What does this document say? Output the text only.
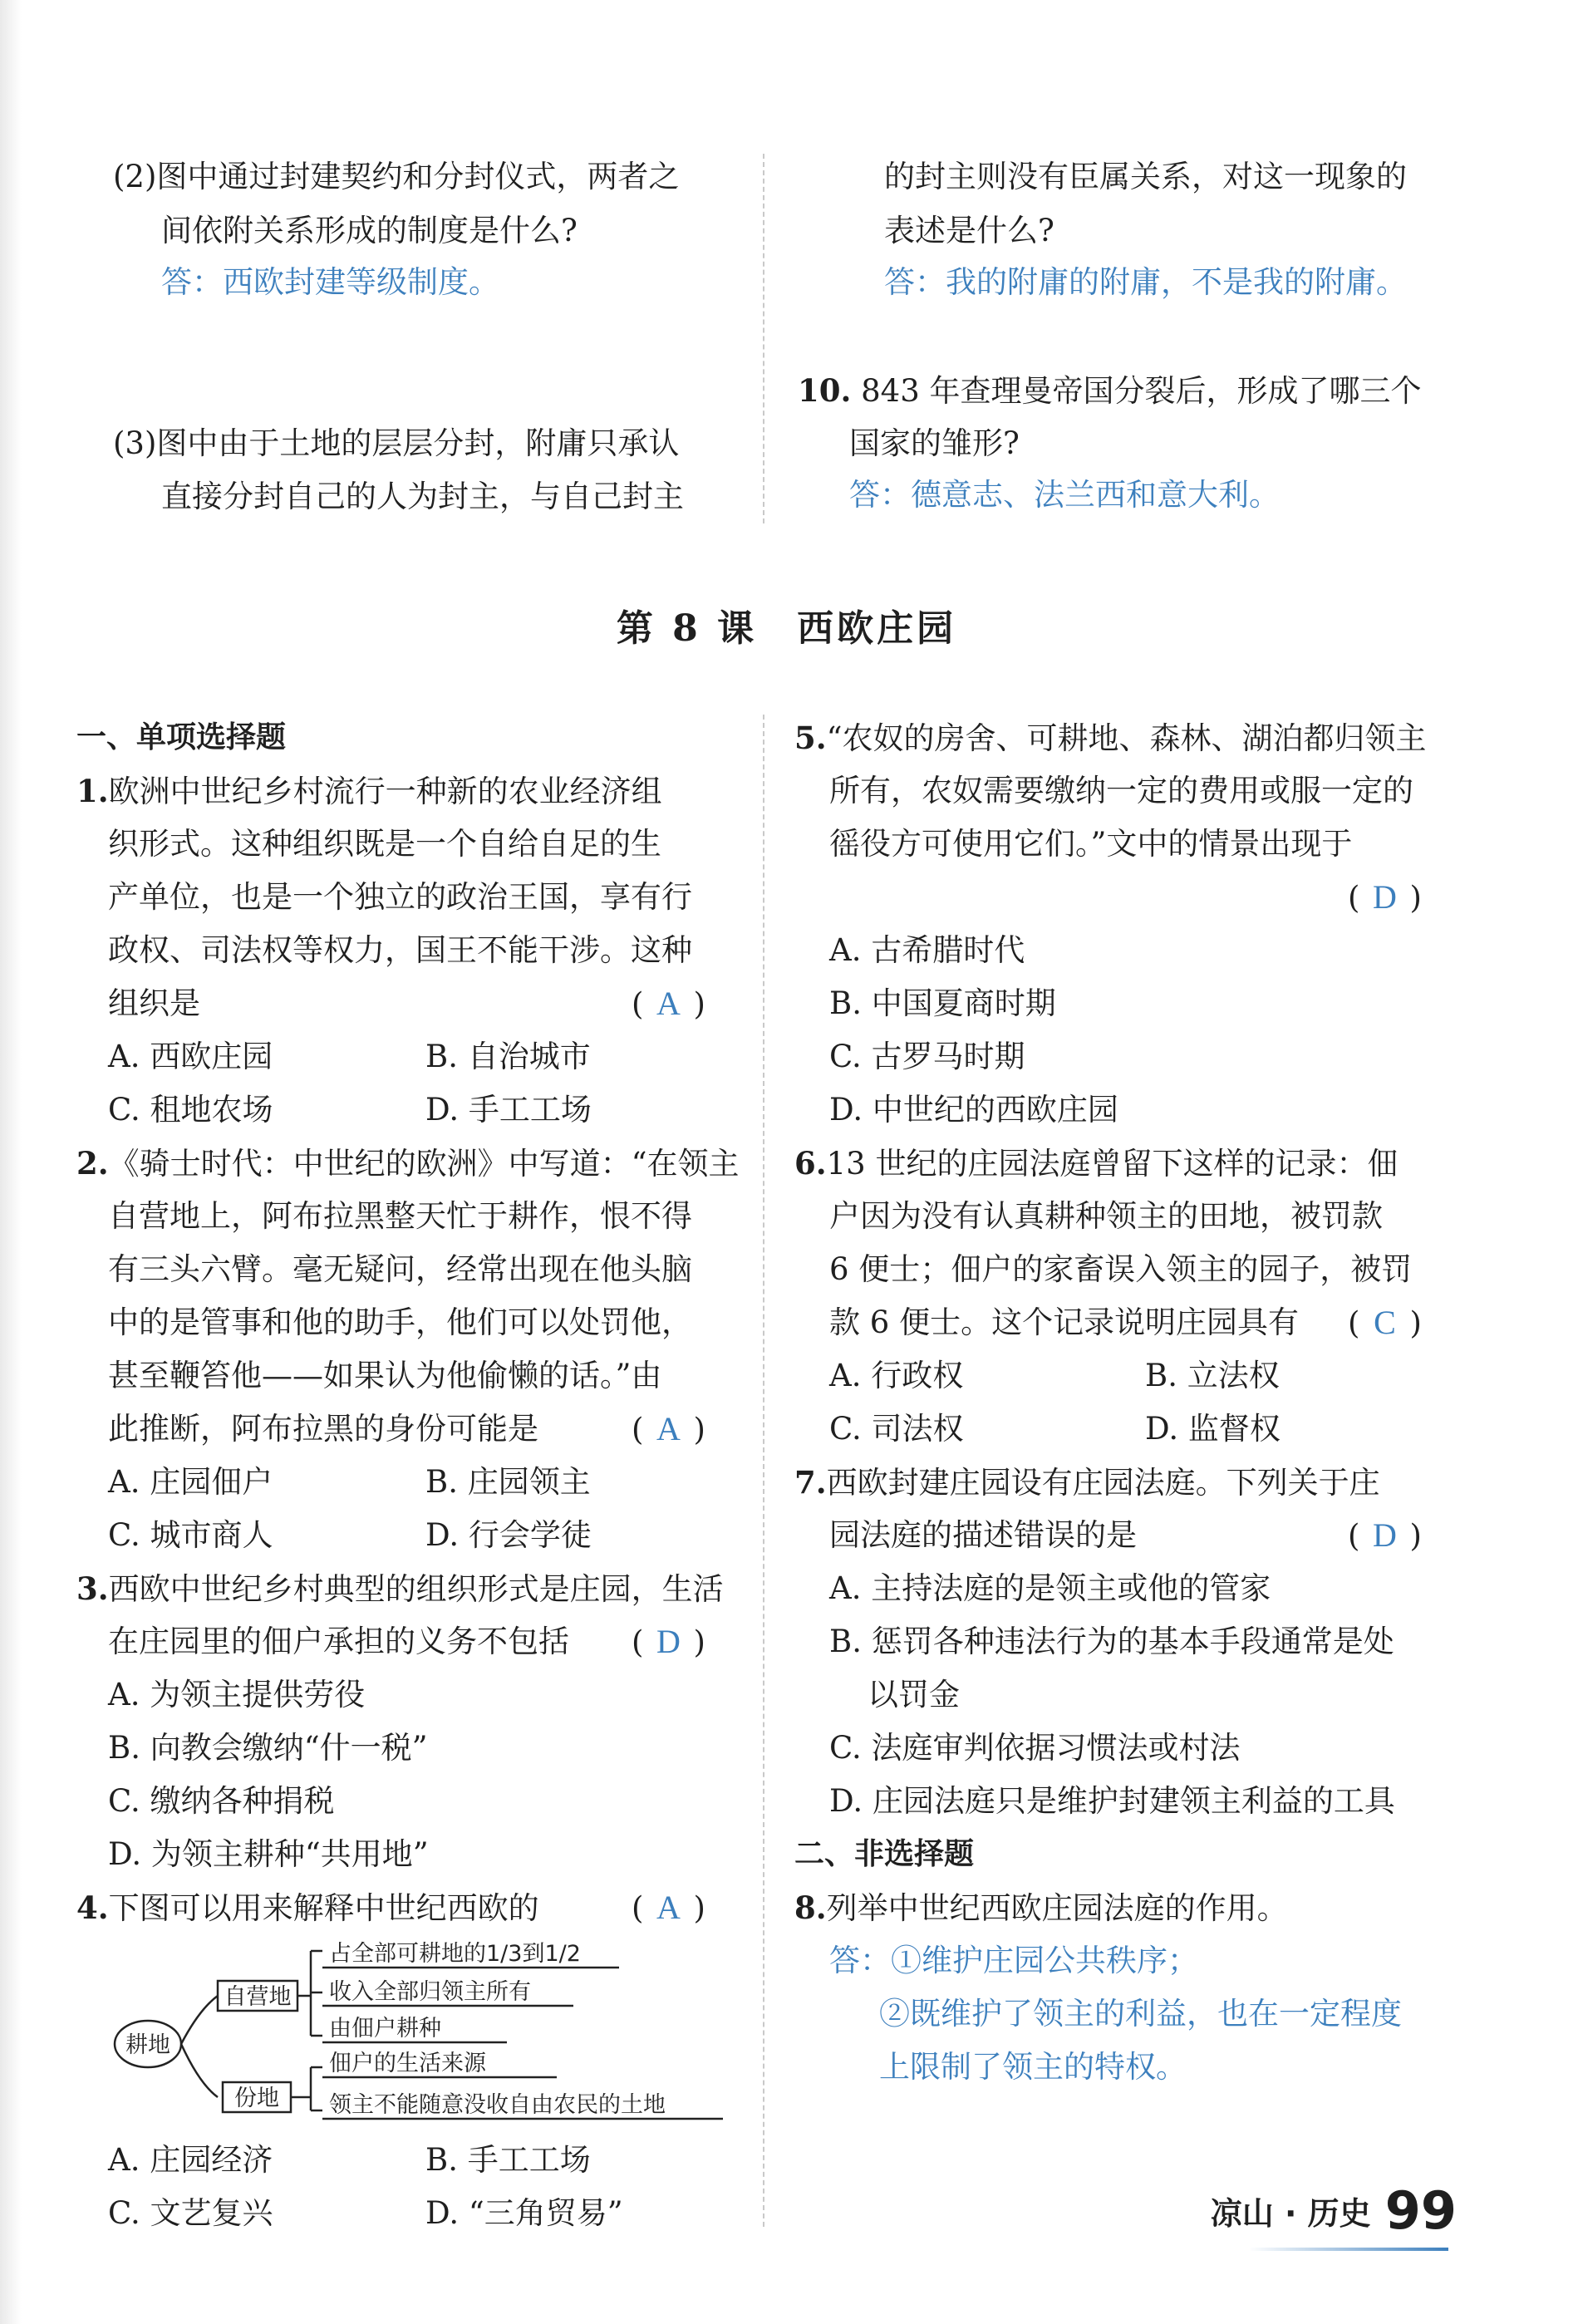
(2)图中通过封建契约和分封仪式，两者之
间依附关系形成的制度是什么?
答：西欧封建等级制度。
(3)图中由于土地的层层分封，附庸只承认
直接分封自己的人为封主，与自己封主
的封主则没有臣属关系，对这一现象的
表述是什么?
答：我的附庸的附庸，不是我的附庸。
10. 843 年查理曼帝国分裂后，形成了哪三个
国家的雏形?
答：德意志、法兰西和意大利。
第 8 课　西欧庄园
一、单项选择题
1.欧洲中世纪乡村流行一种新的农业经济组
织形式。这种组织既是一个自给自足的生
产单位，也是一个独立的政治王国，享有行
政权、司法权等权力，国王不能干涉。这种
组织是	( A )
A. 西欧庄园	B. 自治城市
C. 租地农场	D. 手工工场
2.《骑士时代：中世纪的欧洲》中写道：“在领主
自营地上，阿布拉黑整天忙于耕作，恨不得
有三头六臂。毫无疑问，经常出现在他头脑
中的是管事和他的助手，他们可以处罚他，
甚至鞭笞他——如果认为他偷懒的话。”由
此推断，阿布拉黑的身份可能是	( A )
A. 庄园佃户	B. 庄园领主
C. 城市商人	D. 行会学徒
3.西欧中世纪乡村典型的组织形式是庄园，生活
在庄园里的佃户承担的义务不包括 ( D )
A. 为领主提供劳役
B. 向教会缴纳“什一税”
C. 缴纳各种捐税
D. 为领主耕种“共用地”
4.下图可以用来解释中世纪西欧的	( A )
耕地
自营地
份地
占全部可耕地的1/3到1/2
收入全部归领主所有
由佃户耕种
佃户的生活来源
领主不能随意没收自由农民的土地
A. 庄园经济	B. 手工工场
C. 文艺复兴	D. “三角贸易”
5.“农奴的房舍、可耕地、森林、湖泊都归领主
所有，农奴需要缴纳一定的费用或服一定的
徭役方可使用它们。”文中的情景出现于
( D )
A. 古希腊时代
B. 中国夏商时期
C. 古罗马时期
D. 中世纪的西欧庄园
6.13 世纪的庄园法庭曾留下这样的记录：佃
户因为没有认真耕种领主的田地，被罚款
6 便士；佃户的家畜误入领主的园子，被罚
款 6 便士。这个记录说明庄园具有 ( C )
A. 行政权	B. 立法权
C. 司法权	D. 监督权
7.西欧封建庄园设有庄园法庭。下列关于庄
园法庭的描述错误的是	( D )
A. 主持法庭的是领主或他的管家
B. 惩罚各种违法行为的基本手段通常是处
以罚金
C. 法庭审判依据习惯法或村法
D. 庄园法庭只是维护封建领主利益的工具
二、非选择题
8.列举中世纪西欧庄园法庭的作用。
答：①维护庄园公共秩序；
②既维护了领主的利益，也在一定程度
上限制了领主的特权。
凉山 · 历史 99
